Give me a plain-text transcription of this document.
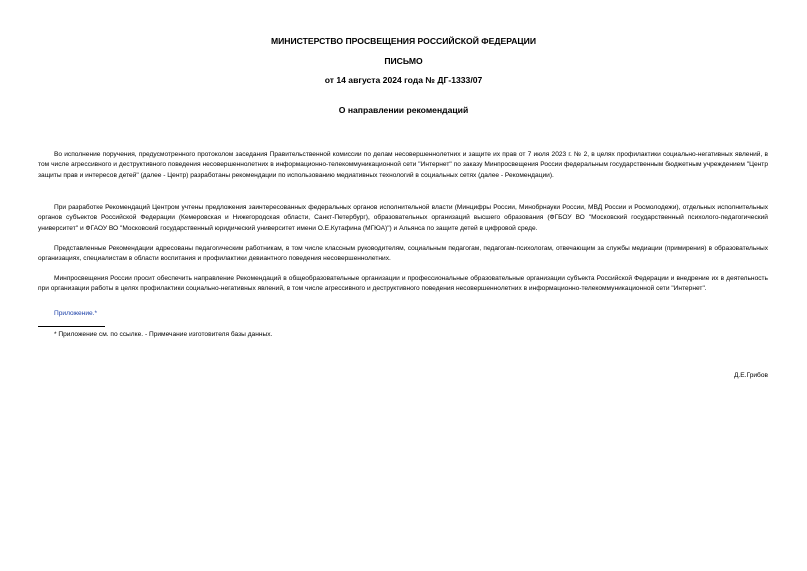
МИНИСТЕРСТВО ПРОСВЕЩЕНИЯ РОССИЙСКОЙ ФЕДЕРАЦИИ
ПИСЬМО
от 14 августа 2024 года № ДГ-1333/07
О направлении рекомендаций

Во исполнение поручения, предусмотренного протоколом заседания Правительственной комиссии по делам несовершеннолетних и защите их прав от 7 июля 2023 г. № 2, в целях профилактики социально-негативных явлений, в том числе агрессивного и деструктивного поведения несовершеннолетних в информационно-телекоммуникационной сети "Интернет" по заказу Минпросвещения России федеральным государственным бюджетным учреждением "Центр защиты прав и интересов детей" (далее - Центр) разработаны рекомендации по использованию медиативных технологий в социальных сетях (далее - Рекомендации).

При разработке Рекомендаций Центром учтены предложения заинтересованных федеральных органов исполнительной власти (Минцифры России, Минобрнауки России, МВД России и Росмолодежи), отдельных исполнительных органов субъектов Российской Федерации (Кемеровская и Нижегородская области, Санкт-Петербург), образовательных организаций высшего образования (ФГБОУ ВО "Московский государственный психолого-педагогический университет" и ФГАОУ ВО "Московский государственный юридический университет имени О.Е.Кутафина (МГЮА)") и Альянса по защите детей в цифровой среде.

Представленные Рекомендации адресованы педагогическим работникам, в том числе классным руководителям, социальным педагогам, педагогам-психологам, отвечающим за службы медиации (примирения) в образовательных организациях, специалистам в области воспитания и профилактики девиантного поведения несовершеннолетних.

Минпросвещения России просит обеспечить направление Рекомендаций в общеобразовательные организации и профессиональные образовательные организации субъекта Российской Федерации и внедрение их в деятельность при организации работы в целях профилактики социально-негативных явлений, в том числе агрессивного и деструктивного поведения несовершеннолетних в информационно-телекоммуникационной сети "Интернет".

Приложение.*
* Приложение см. по ссылке. - Примечание изготовителя базы данных.
Д.Е.Грибов
